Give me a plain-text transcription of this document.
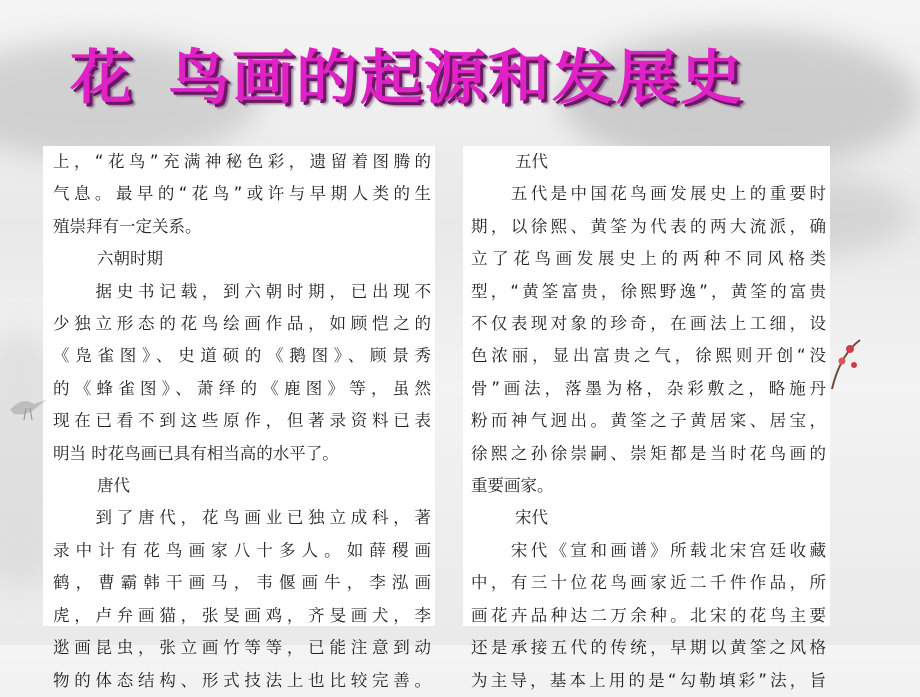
花 鸟画的起源和发展史
上，“花鸟”充满神秘色彩，遗留着图腾的
气息。最早的“花鸟”或许与早期人类的生
殖崇拜有一定关系。
六朝时期
　　据史书记载，到六朝时期，已出现不
少独立形态的花鸟绘画作品，如顾恺之的
《凫雀图》、史道硕的《鹅图》、顾景秀
的《蜂雀图》、萧绎的《鹿图》等，虽然
现在已看不到这些原作，但著录资料已表
明当 时花鸟画已具有相当高的水平了。
唐代
　　到了唐代，花鸟画业已独立成科，著
录中计有花鸟画家八十多人。如薛稷画
鹤，曹霸韩干画马，韦偃画牛，李泓画
虎，卢弁画猫，张旻画鸡，齐旻画犬，李
逖画昆虫，张立画竹等等，已能注意到动
物的体态结构、形式技法上也比较完善。
五代
　　五代是中国花鸟画发展史上的重要时
期，以徐熙、黄筌为代表的两大流派，确
立了花鸟画发展史上的两种不同风格类
型，“黄筌富贵，徐熙野逸”，黄筌的富贵
不仅表现对象的珍奇，在画法上工细，设
色浓丽，显出富贵之气，徐熙则开创“没
骨”画法，落墨为格，杂彩敷之，略施丹
粉而神气迥出。黄筌之子黄居寀、居宝，
徐熙之孙徐崇嗣、崇矩都是当时花鸟画的
重要画家。
宋代
　　宋代《宣和画谱》所载北宋宫廷收藏
中，有三十位花鸟画家近二千件作品，所
画花卉品种达二万余种。北宋的花鸟主要
还是承接五代的传统，早期以黄筌之风格
为主导，基本上用的是“勾勒填彩”法，旨
